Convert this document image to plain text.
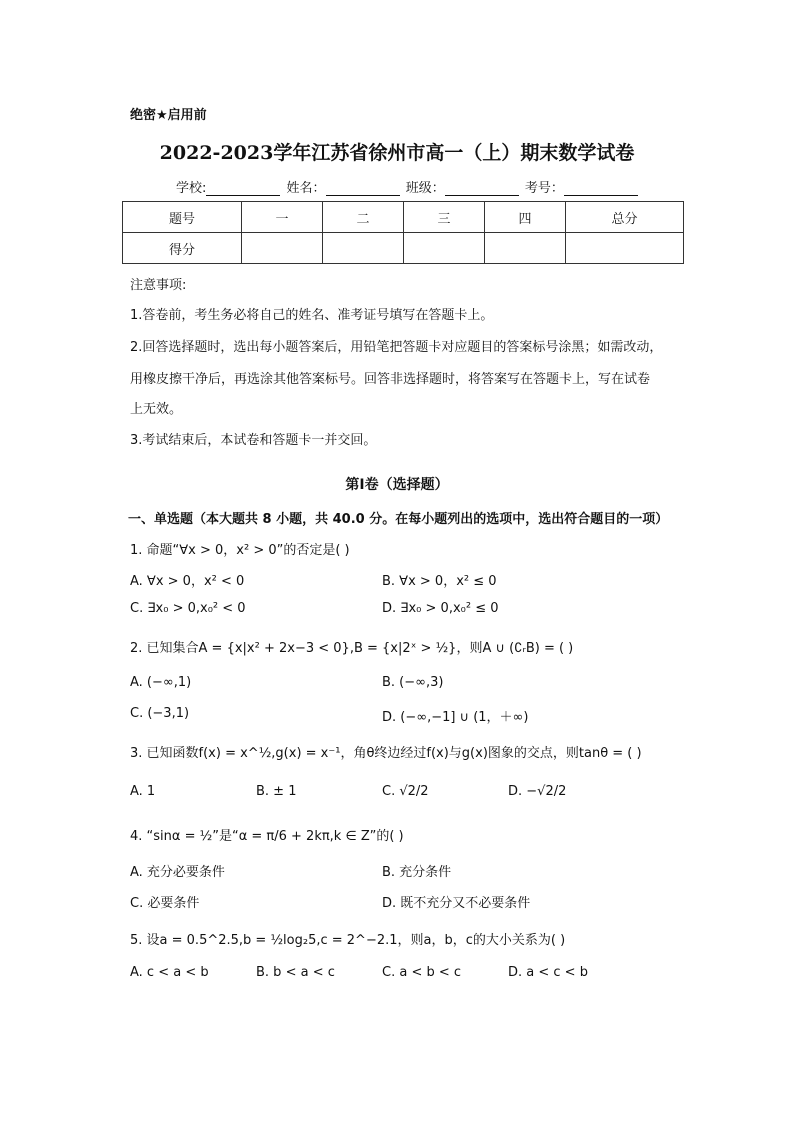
绝密★启用前
2022-2023学年江苏省徐州市高一（上）期末数学试卷
学校:	姓名：	班级：	考号：
题号	一	二	三	四	总分
得分					
注意事项:
1.答卷前，考生务必将自己的姓名、准考证号填写在答题卡上。
2.回答选择题时，选出每小题答案后，用铅笔把答题卡对应题目的答案标号涂黑；如需改动，
用橡皮擦干净后，再选涂其他答案标号。回答非选择题时，将答案写在答题卡上，写在试卷
上无效。
3.考试结束后，本试卷和答题卡一并交回。
第I卷（选择题）
一、单选题（本大题共 8 小题，共 40.0 分。在每小题列出的选项中，选出符合题目的一项）
1. 命题“∀x > 0，x² > 0”的否定是( )
A. ∀x > 0，x² < 0	B. ∀x > 0，x² ≤ 0
C. ∃x₀ > 0,x₀² < 0	D. ∃x₀ > 0,x₀² ≤ 0
2. 已知集合A = {x|x² + 2x−3 < 0},B = {x|2ˣ > ½}，则A ∪ (∁ᵣB) = ( )
A. (−∞,1)	B. (−∞,3)
C. (−3,1)	D. (−∞,−1] ∪ (1，＋∞)
3. 已知函数f(x) = x^½,g(x) = x⁻¹，角θ终边经过f(x)与g(x)图象的交点，则tanθ = ( )
A. 1	B. ± 1	C. √2/2	D. −√2/2
4. “sinα = ½”是“α = π/6 + 2kπ,k ∈ Z”的( )
A. 充分必要条件	B. 充分条件
C. 必要条件	D. 既不充分又不必要条件
5. 设a = 0.5^2.5,b = ½log₂5,c = 2^−2.1，则a，b，c的大小关系为( )
A. c < a < b	B. b < a < c	C. a < b < c	D. a < c < b
